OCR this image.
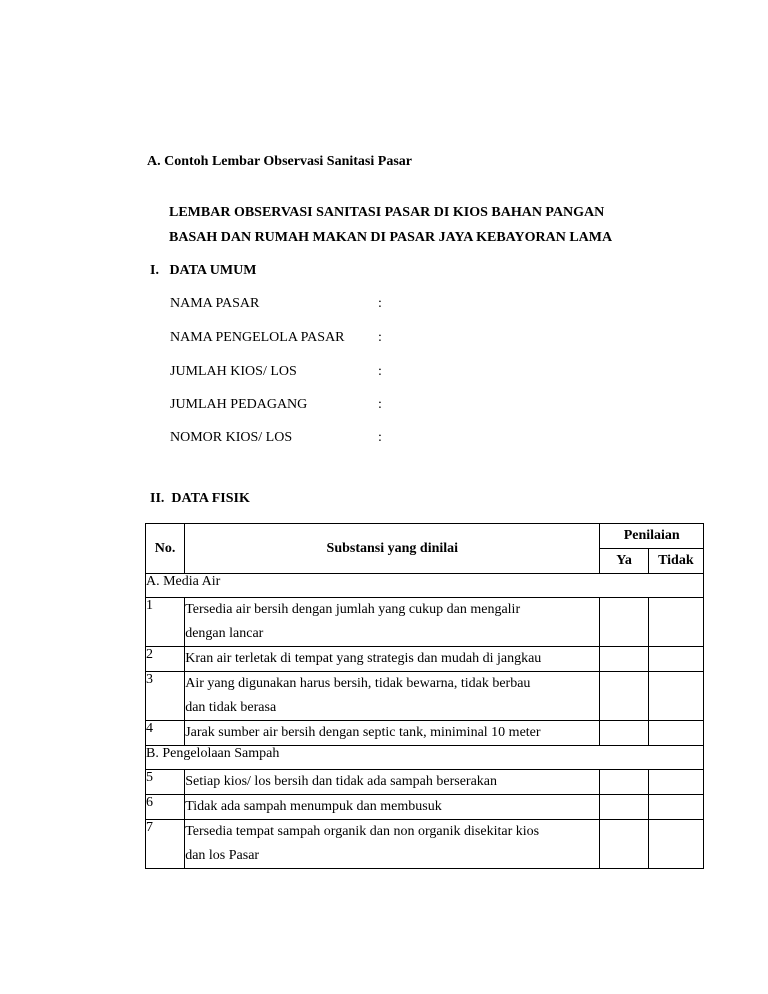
A. Contoh Lembar Observasi Sanitasi Pasar
LEMBAR OBSERVASI SANITASI PASAR DI KIOS BAHAN PANGAN
BASAH DAN RUMAH MAKAN DI PASAR JAYA KEBAYORAN LAMA
I.   DATA UMUM
NAMA PASAR	:
NAMA PENGELOLA PASAR :
JUMLAH KIOS/ LOS	:
JUMLAH PEDAGANG	:
NOMOR KIOS/ LOS	:
II.  DATA FISIK
No.	Substansi yang dinilai	Penilaian	
		Ya	Tidak
A. Media Air			
1	Tersedia air bersih dengan jumlah yang cukup dan mengalir
dengan lancar		

2	Kran air terletak di tempat yang strategis dan mudah di jangkau		
3	Air yang digunakan harus bersih, tidak bewarna, tidak berbau
dan tidak berasa		

4	Jarak sumber air bersih dengan septic tank, miniminal 10 meter		
B. Pengelolaan Sampah			
5	Setiap kios/ los bersih dan tidak ada sampah berserakan		
6	Tidak ada sampah menumpuk dan membusuk		
7	Tersedia tempat sampah organik dan non organik disekitar kios
dan los Pasar		
